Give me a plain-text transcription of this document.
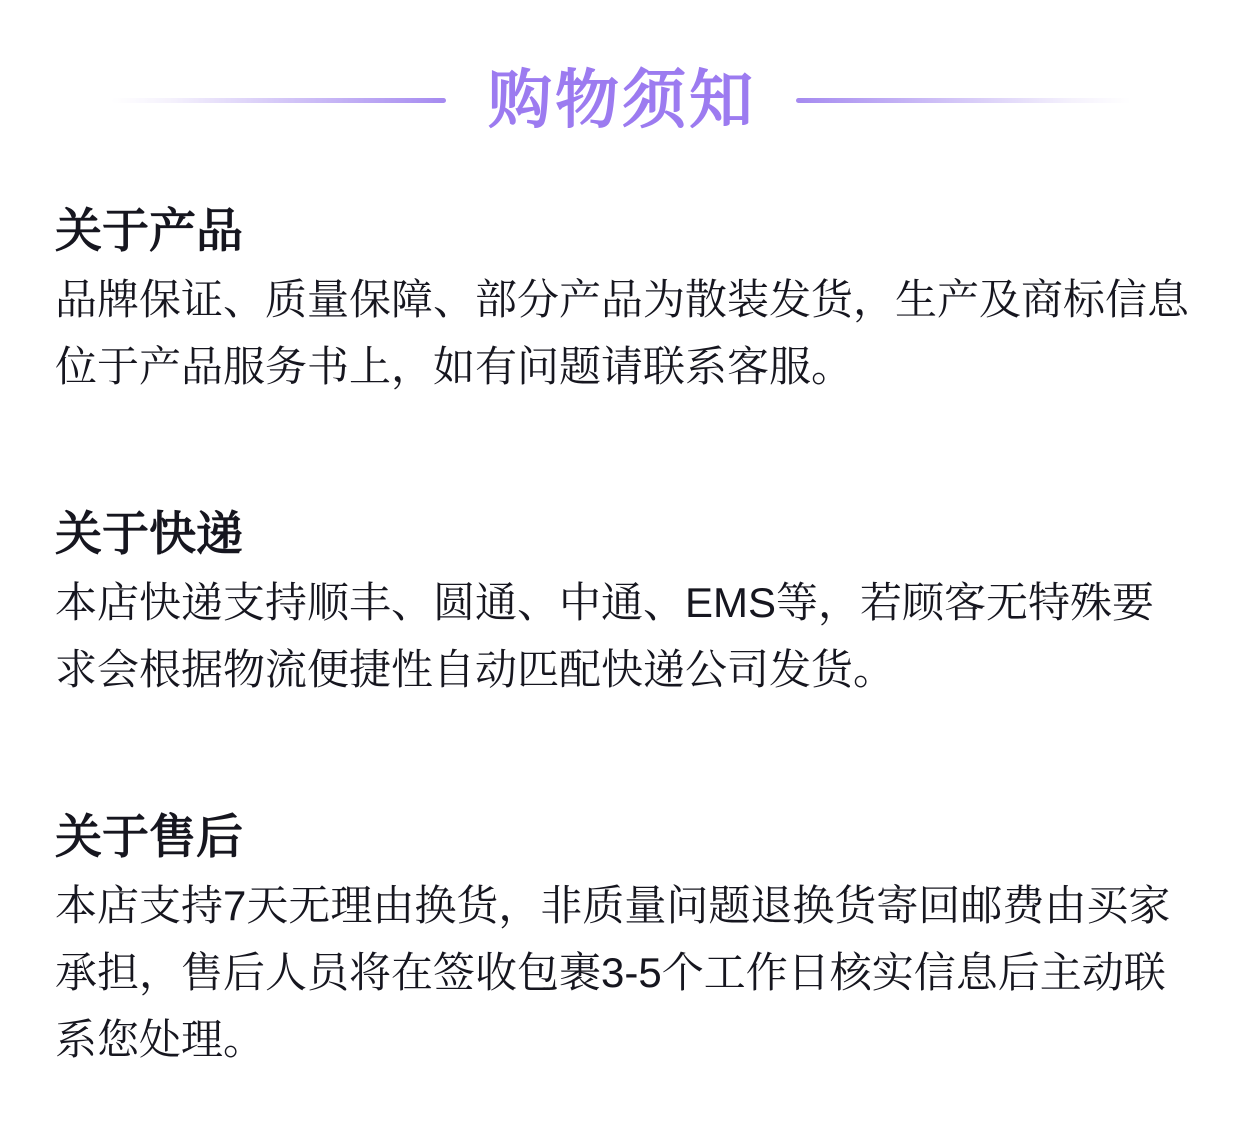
购物须知
关于产品

品牌保证、质量保障、部分产品为散装发货，生产及商标信息
位于产品服务书上，如有问题请联系客服。

关于快递

本店快递支持顺丰、圆通、中通、EMS等，若顾客无特殊要
求会根据物流便捷性自动匹配快递公司发货。

关于售后

本店支持7天无理由换货，非质量问题退换货寄回邮费由买家
承担，售后人员将在签收包裹3-5个工作日核实信息后主动联
系您处理。
